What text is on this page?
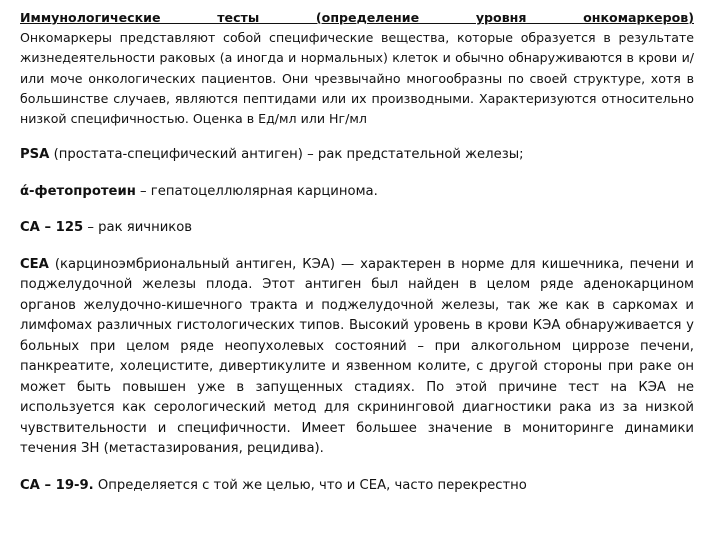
Иммунологические тесты (определение уровня онкомаркеров)
Онкомаркеры представляют собой специфические вещества, которые образуется в результате жизнедеятельности раковых (а иногда и нормальных) клеток и обычно обнаруживаются в крови и/или моче онкологических пациентов. Они чрезвычайно многообразны по своей структуре, хотя в большинстве случаев, являются пептидами или их производными. Характеризуются относительно низкой специфичностью. Оценка в Ед/мл или Нг/мл

PSA (простата-специфический антиген) – рак предстательной железы;

ά-фетопротеин – гепатоцеллюлярная карцинома.

CA – 125 – рак яичников

CEA (карциноэмбриональный антиген, КЭА) — характерен в норме для кишечника, печени и поджелудочной железы плода. Этот антиген был найден в целом ряде аденокарцином органов желудочно-кишечного тракта и поджелудочной железы, так же как в саркомах и лимфомах различных гистологических типов. Высокий уровень в крови КЭА обнаруживается у больных при целом ряде неопухолевых состояний – при алкогольном циррозе печени, панкреатите, холецистите, дивертикулите и язвенном колите, с другой стороны при раке он может быть повышен уже в запущенных стадиях. По этой причине тест на КЭА не используется как серологический метод для скрининговой диагностики рака из за низкой чувствительности и специфичности. Имеет большее значение в мониторинге динамики течения ЗН (метастазирования, рецидива).

CA – 19-9. Определяется с той же целью, что и СЕА, часто перекрестно
